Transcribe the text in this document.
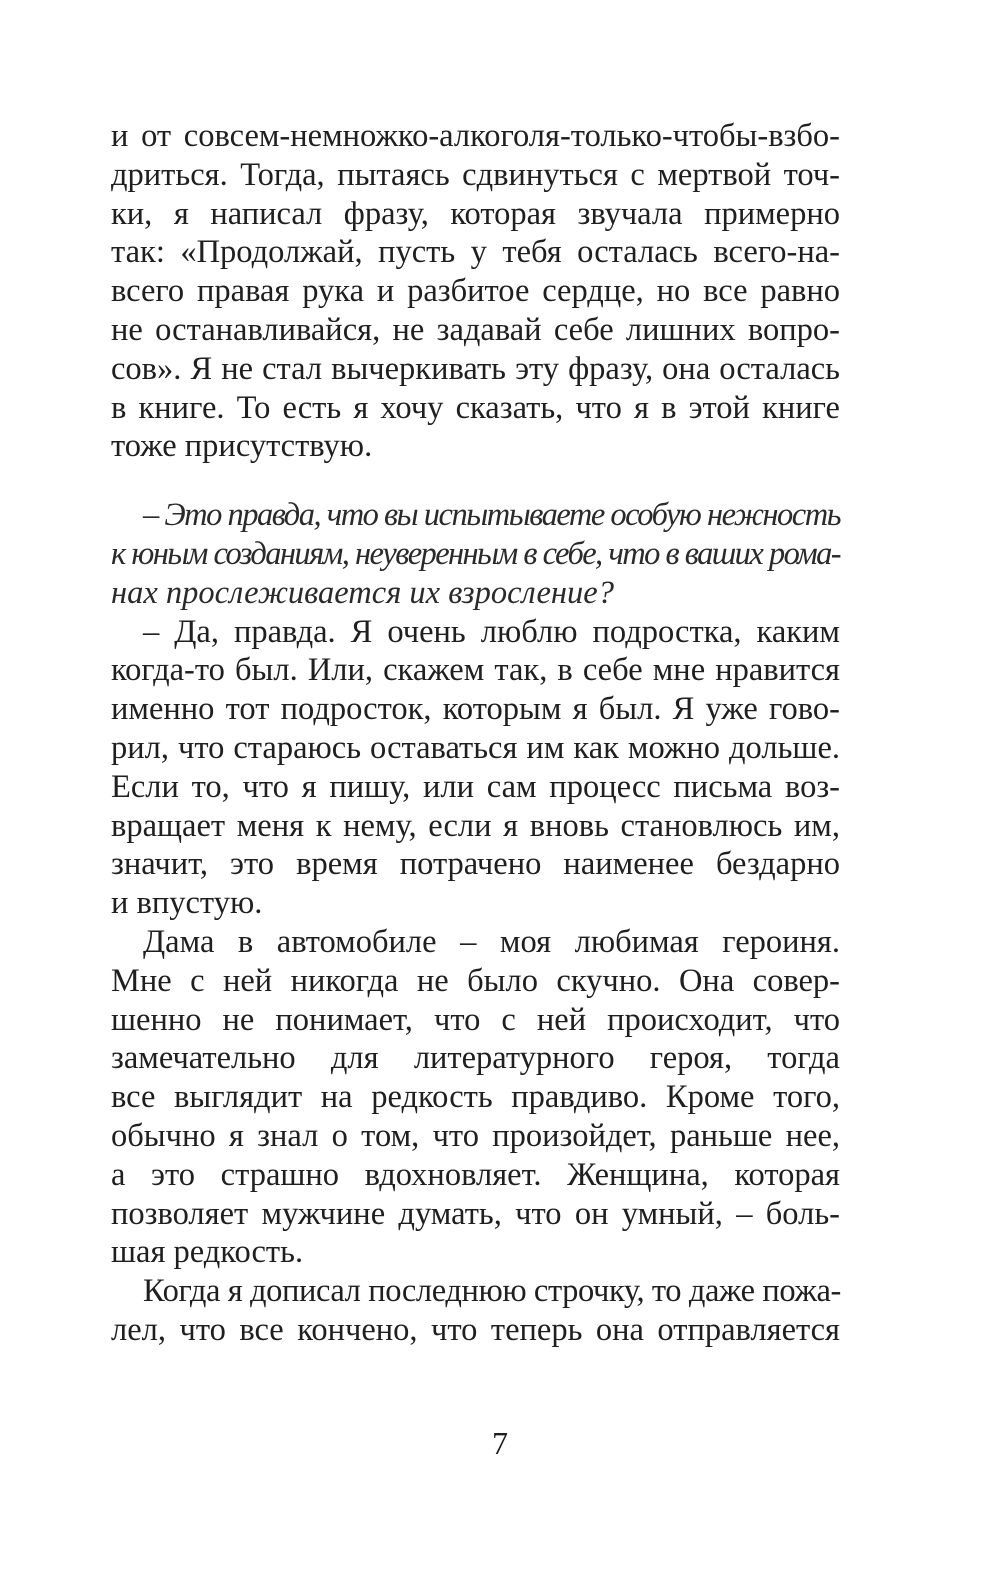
и от совсем-немножко-алкоголя-только-чтобы-взбо-
дриться. Тогда, пытаясь сдвинуться с мертвой точ-
ки, я написал фразу, которая звучала примерно
так: «Продолжай, пусть у тебя осталась всего-на-
всего правая рука и разбитое сердце, но все равно
не останавливайся, не задавай себе лишних вопро-
сов». Я не стал вычеркивать эту фразу, она осталась
в книге. То есть я хочу сказать, что я в этой книге
тоже присутствую.
– Это правда, что вы испытываете особую нежность
к юным созданиям, неуверенным в себе, что в ваших рома-
нах прослеживается их взросление?
– Да, правда. Я очень люблю подростка, каким
когда-то был. Или, скажем так, в себе мне нравится
именно тот подросток, которым я был. Я уже гово-
рил, что стараюсь оставаться им как можно дольше.
Если то, что я пишу, или сам процесс письма воз-
вращает меня к нему, если я вновь становлюсь им,
значит, это время потрачено наименее бездарно
и впустую.
Дама в автомобиле – моя любимая героиня.
Мне с ней никогда не было скучно. Она совер-
шенно не понимает, что с ней происходит, что
замечательно для литературного героя, тогда
все выглядит на редкость правдиво. Кроме того,
обычно я знал о том, что произойдет, раньше нее,
а это страшно вдохновляет. Женщина, которая
позволяет мужчине думать, что он умный, – боль-
шая редкость.
Когда я дописал последнюю строчку, то даже пожа-
лел, что все кончено, что теперь она отправляется
7
